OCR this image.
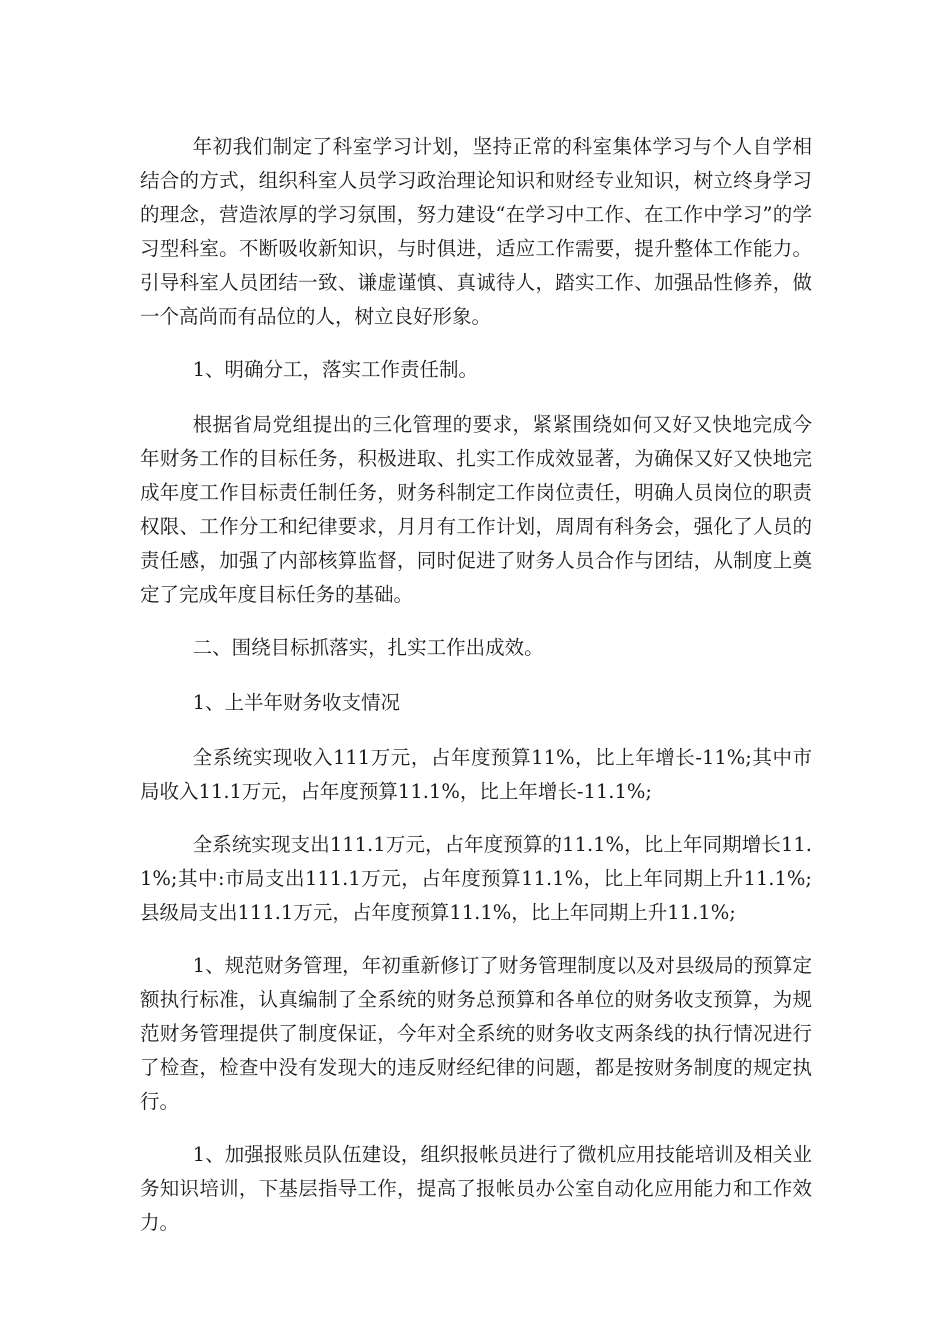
年初我们制定了科室学习计划，坚持正常的科室集体学习与个人自学相结合的方式，组织科室人员学习政治理论知识和财经专业知识，树立终身学习的理念，营造浓厚的学习氛围，努力建设“在学习中工作、在工作中学习”的学习型科室。不断吸收新知识，与时俱进，适应工作需要，提升整体工作能力。引导科室人员团结一致、谦虚谨慎、真诚待人，踏实工作、加强品性修养，做一个高尚而有品位的人，树立良好形象。

1、明确分工，落实工作责任制。

根据省局党组提出的三化管理的要求，紧紧围绕如何又好又快地完成今年财务工作的目标任务，积极进取、扎实工作成效显著，为确保又好又快地完成年度工作目标责任制任务，财务科制定工作岗位责任，明确人员岗位的职责权限、工作分工和纪律要求，月月有工作计划，周周有科务会，强化了人员的责任感，加强了内部核算监督，同时促进了财务人员合作与团结，从制度上奠定了完成年度目标任务的基础。

二、围绕目标抓落实，扎实工作出成效。

1、上半年财务收支情况

全系统实现收入111万元，占年度预算11%，比上年增长-11%;其中市局收入11.1万元，占年度预算11.1%，比上年增长-11.1%;

全系统实现支出111.1万元，占年度预算的11.1%，比上年同期增长11.1%;其中:市局支出111.1万元，占年度预算11.1%，比上年同期上升11.1%;县级局支出111.1万元，占年度预算11.1%，比上年同期上升11.1%;

1、规范财务管理，年初重新修订了财务管理制度以及对县级局的预算定额执行标准，认真编制了全系统的财务总预算和各单位的财务收支预算，为规范财务管理提供了制度保证，今年对全系统的财务收支两条线的执行情况进行了检查，检查中没有发现大的违反财经纪律的问题，都是按财务制度的规定执行。

1、加强报账员队伍建设，组织报帐员进行了微机应用技能培训及相关业务知识培训，下基层指导工作，提高了报帐员办公室自动化应用能力和工作效力。
